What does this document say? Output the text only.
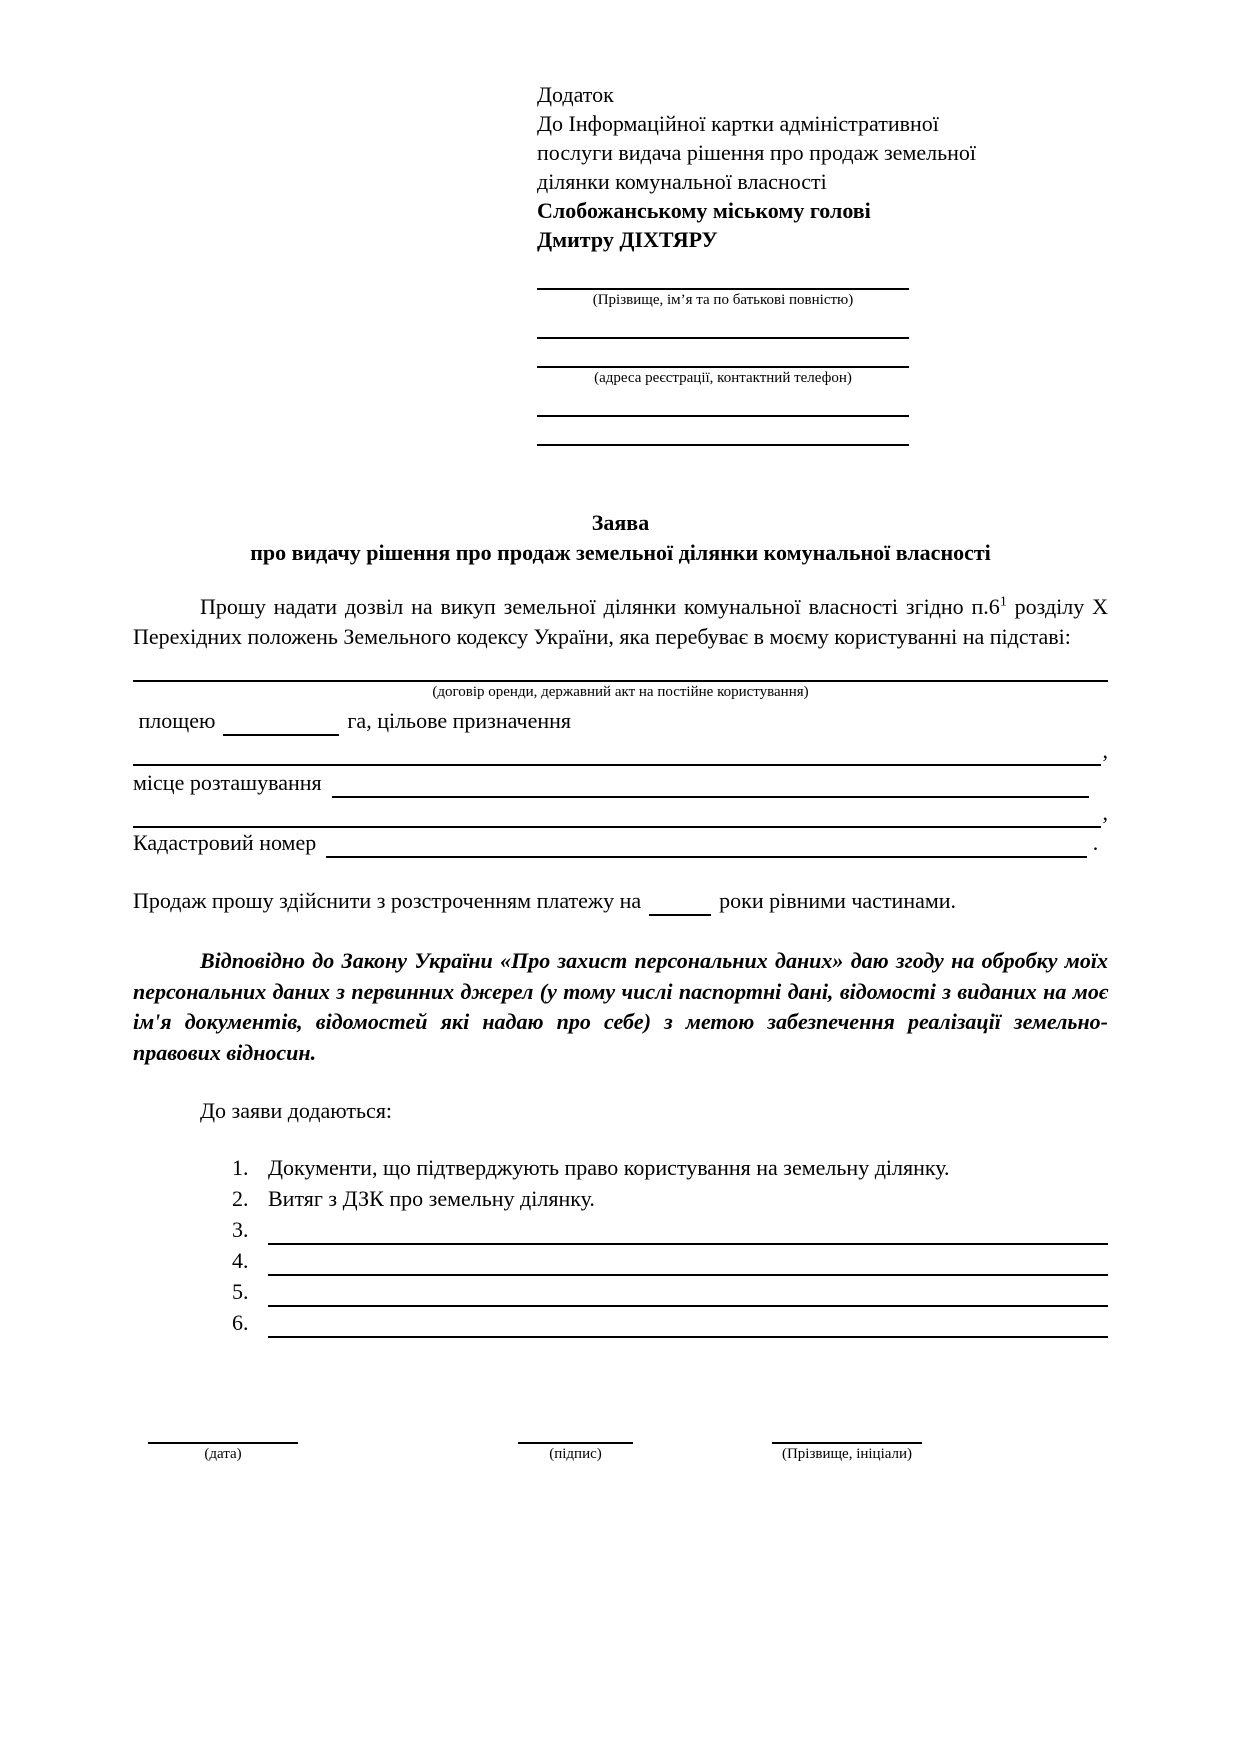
Додаток
До Інформаційної картки адміністративної
послуги видача рішення про продаж земельної
ділянки комунальної власності
Слобожанському міському голові
Дмитру ДІХТЯРУ
(Прізвище, ім’я та по батькові повністю)
(адреса реєстрації, контактний телефон)
Заява
про видачу рішення про продаж земельної ділянки комунальної власності

Прошу надати дозвіл на викуп земельної ділянки комунальної власності згідно $п.6^1$ розділу X Перехідних положень Земельного кодексу України, яка перебуває в моєму користуванні на підставі:

(договір оренди, державний акт на постійне користування)
площею	га, цільове призначення
,
місце розташування
,
Кадастровий номер	.
Продаж прошу здійснити з розстроченням платежу на	роки рівними частинами.

Відповідно до Закону України «Про захист персональних даних» даю згоду на обробку моїх персональних даних з первинних джерел (у тому числі паспортні дані, відомості з виданих на моє ім'я документів, відомостей які надаю про себе) з метою забезпечення реалізації земельно-правових відносин.

До заяви додаються:

1. Документи, що підтверджують право користування на земельну ділянку.
2. Витяг з ДЗК про земельну ділянку.
3.
4.
5.
6.
(дата)	(підпис)	(Прізвище, ініціали)
